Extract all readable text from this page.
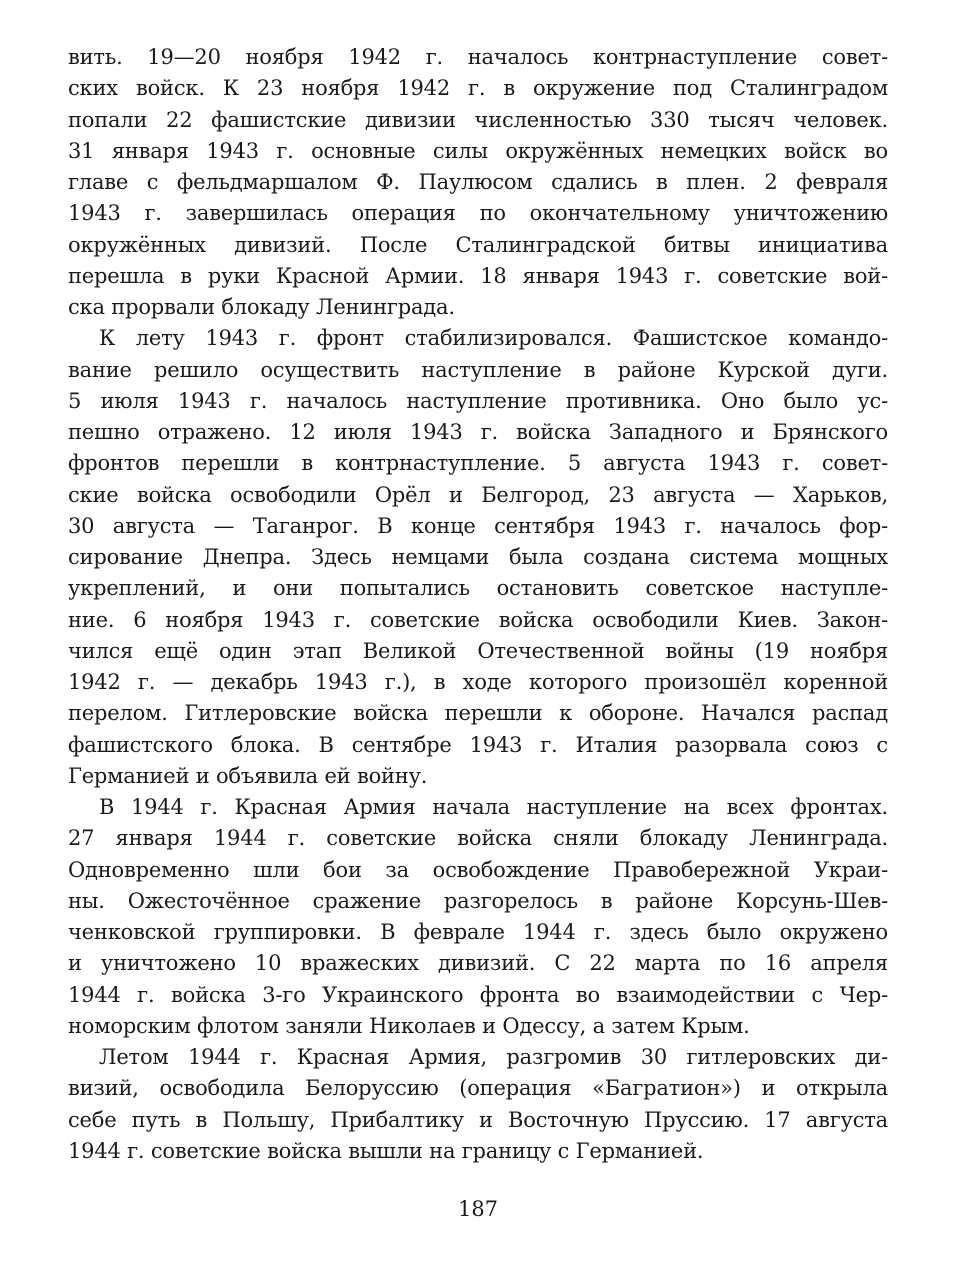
вить. 19—20 ноября 1942 г. началось контрнаступление совет-
ских войск. К 23 ноября 1942 г. в окружение под Сталинградом
попали 22 фашистские дивизии численностью 330 тысяч человек.
31 января 1943 г. основные силы окружённых немецких войск во
главе с фельдмаршалом Ф. Паулюсом сдались в плен. 2 февраля
1943 г. завершилась операция по окончательному уничтожению
окружённых дивизий. После Сталинградской битвы инициатива
перешла в руки Красной Армии. 18 января 1943 г. советские вой-
ска прорвали блокаду Ленинграда.
К лету 1943 г. фронт стабилизировался. Фашистское командо-
вание решило осуществить наступление в районе Курской дуги.
5 июля 1943 г. началось наступление противника. Оно было ус-
пешно отражено. 12 июля 1943 г. войска Западного и Брянского
фронтов перешли в контрнаступление. 5 августа 1943 г. совет-
ские войска освободили Орёл и Белгород, 23 августа — Харьков,
30 августа — Таганрог. В конце сентября 1943 г. началось фор-
сирование Днепра. Здесь немцами была создана система мощных
укреплений, и они попытались остановить советское наступле-
ние. 6 ноября 1943 г. советские войска освободили Киев. Закон-
чился ещё один этап Великой Отечественной войны (19 ноября
1942 г. — декабрь 1943 г.), в ходе которого произошёл коренной
перелом. Гитлеровские войска перешли к обороне. Начался распад
фашистского блока. В сентябре 1943 г. Италия разорвала союз с
Германией и объявила ей войну.
В 1944 г. Красная Армия начала наступление на всех фронтах.
27 января 1944 г. советские войска сняли блокаду Ленинграда.
Одновременно шли бои за освобождение Правобережной Украи-
ны. Ожесточённое сражение разгорелось в районе Корсунь-Шев-
ченковской группировки. В феврале 1944 г. здесь было окружено
и уничтожено 10 вражеских дивизий. С 22 марта по 16 апреля
1944 г. войска 3-го Украинского фронта во взаимодействии с Чер-
номорским флотом заняли Николаев и Одессу, а затем Крым.
Летом 1944 г. Красная Армия, разгромив 30 гитлеровских ди-
визий, освободила Белоруссию (операция «Багратион») и открыла
себе путь в Польшу, Прибалтику и Восточную Пруссию. 17 августа
1944 г. советские войска вышли на границу с Германией.
187
